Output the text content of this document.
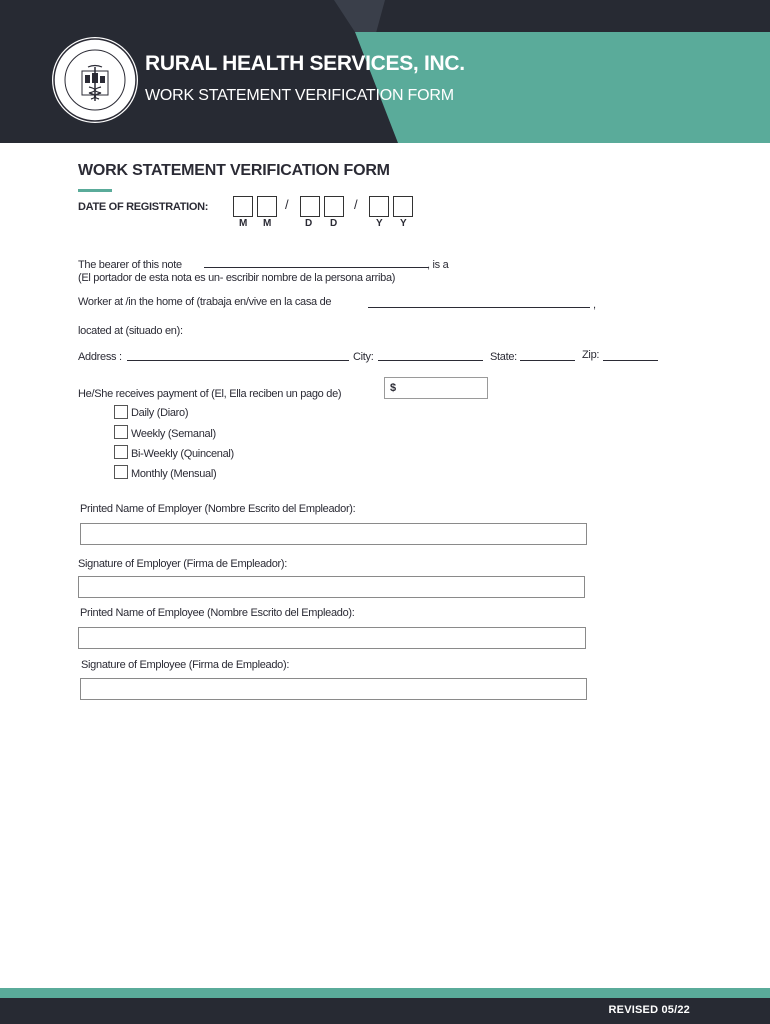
RURAL HEALTH SERVICES, INC.
WORK STATEMENT VERIFICATION FORM
WORK STATEMENT VERIFICATION FORM
DATE OF REGISTRATION:	/	/
M M	D D	Y Y
The bearer of this note	, is a
(El portador de esta nota es un- escribir nombre de la persona arriba)
Worker at /in the home of (trabaja en/vive en la casa de	,
located at (situado en):
Address :	City:	State:	Zip:
He/She receives payment of (El, Ella reciben un pago de)	$
Daily (Diaro)
Weekly (Semanal)
Bi-Weekly (Quincenal)
Monthly (Mensual)
Printed Name of Employer (Nombre Escrito del Empleador):
Signature of Employer (Firma de Empleador):
Printed Name of Employee (Nombre Escrito del Empleado):
Signature of Employee (Firma de Empleado):
REVISED 05/22
